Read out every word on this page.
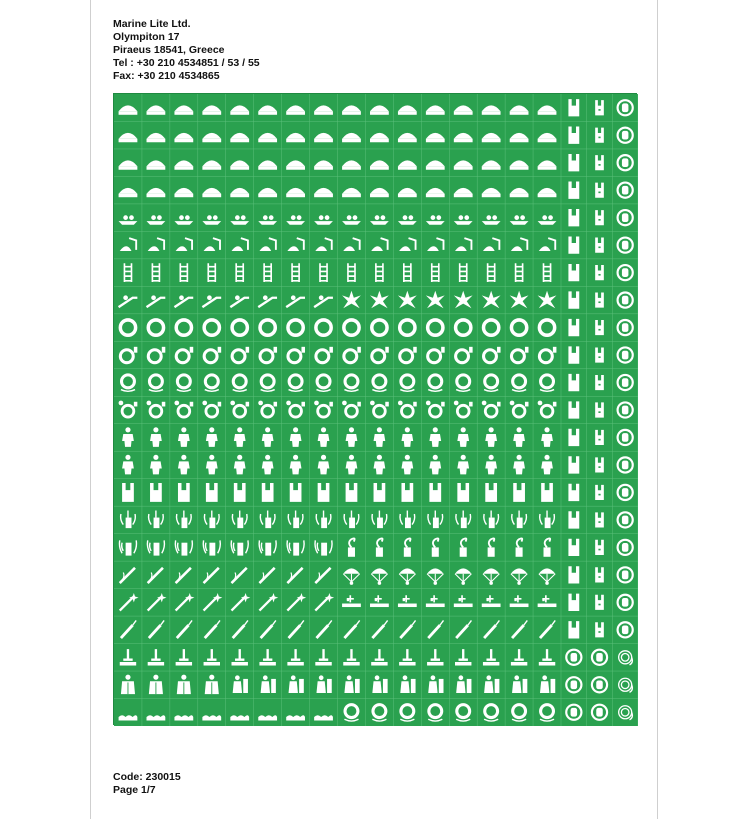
Marine Lite Ltd.
Olympiton 17
Piraeus 18541, Greece
Tel : +30 210 4534851 / 53 / 55
Fax: +30 210 4534865
Code: 230015
Page 1/7
